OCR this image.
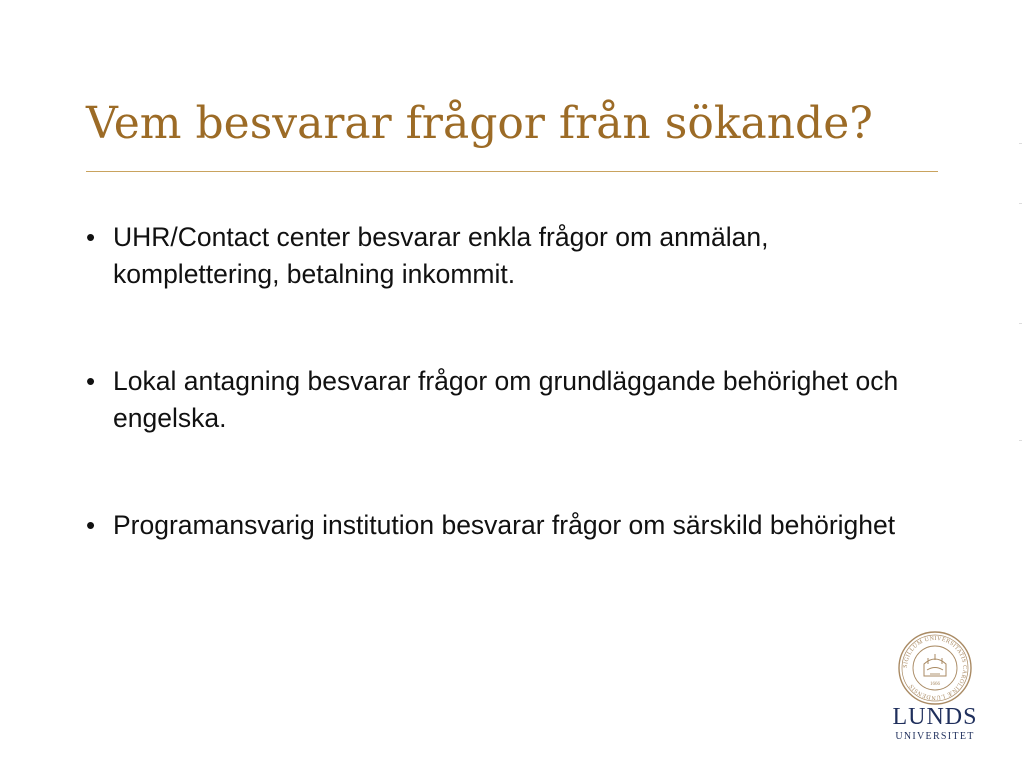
Vem besvarar frågor från sökande?
• UHR/Contact center besvarar enkla frågor om anmälan, komplettering, betalning inkommit.
• Lokal antagning besvarar frågor om grundläggande behörighet och engelska.
• Programansvarig institution besvarar frågor om särskild behörighet
SIGILLUM UNIVERSITATIS CAROLINÆ LUNDENSIS	1666
LUNDS
UNIVERSITET
